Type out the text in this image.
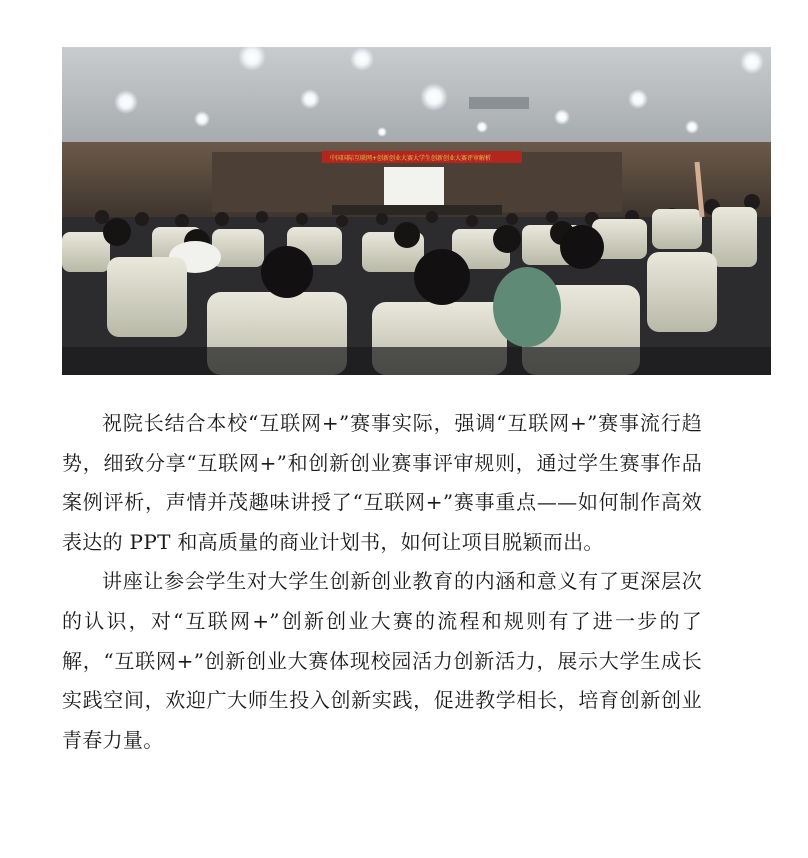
中国国际互联网+创新创业大赛大学生创新创业大赛评审解析

祝院长结合本校“互联网+”赛事实际，强调“互联网+”赛事流行趋势，细致分享“互联网+”和创新创业赛事评审规则，通过学生赛事作品案例评析，声情并茂趣味讲授了“互联网+”赛事重点——如何制作高效表达的 PPT 和高质量的商业计划书，如何让项目脱颖而出。

讲座让参会学生对大学生创新创业教育的内涵和意义有了更深层次的认识，对“互联网+”创新创业大赛的流程和规则有了进一步的了解，“互联网+”创新创业大赛体现校园活力创新活力，展示大学生成长实践空间，欢迎广大师生投入创新实践，促进教学相长，培育创新创业青春力量。
